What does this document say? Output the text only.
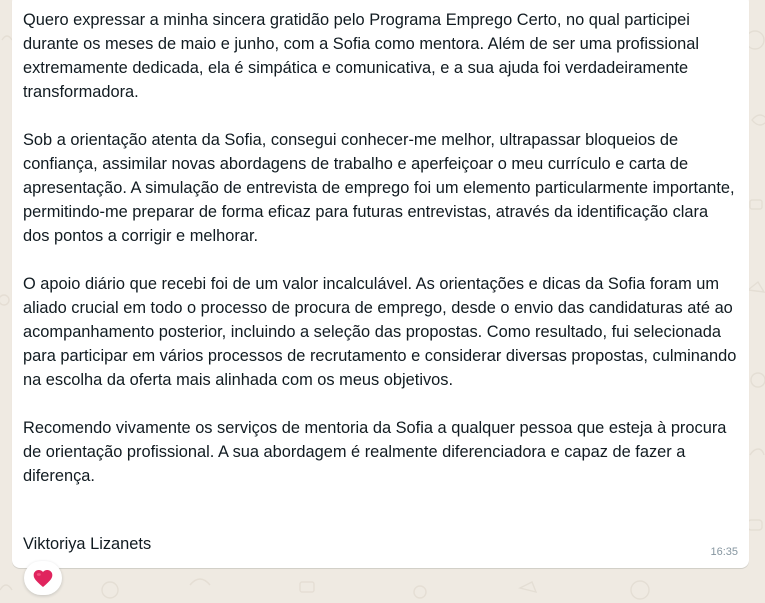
Quero expressar a minha sincera gratidão pelo Programa Emprego Certo, no qual participei durante os meses de maio e junho, com a Sofia como mentora. Além de ser uma profissional extremamente dedicada, ela é simpática e comunicativa, e a sua ajuda foi verdadeiramente transformadora.

Sob a orientação atenta da Sofia, consegui conhecer-me melhor, ultrapassar bloqueios de confiança, assimilar novas abordagens de trabalho e aperfeiçoar o meu currículo e carta de apresentação. A simulação de entrevista de emprego foi um elemento particularmente importante, permitindo-me preparar de forma eficaz para futuras entrevistas, através da identificação clara dos pontos a corrigir e melhorar.

O apoio diário que recebi foi de um valor incalculável. As orientações e dicas da Sofia foram um aliado crucial em todo o processo de procura de emprego, desde o envio das candidaturas até ao acompanhamento posterior, incluindo a seleção das propostas. Como resultado, fui selecionada para participar em vários processos de recrutamento e considerar diversas propostas, culminando na escolha da oferta mais alinhada com os meus objetivos.

Recomendo vivamente os serviços de mentoria da Sofia a qualquer pessoa que esteja à procura de orientação profissional. A sua abordagem é realmente diferenciadora e capaz de fazer a diferença.

Viktoriya Lizanets	16:35
